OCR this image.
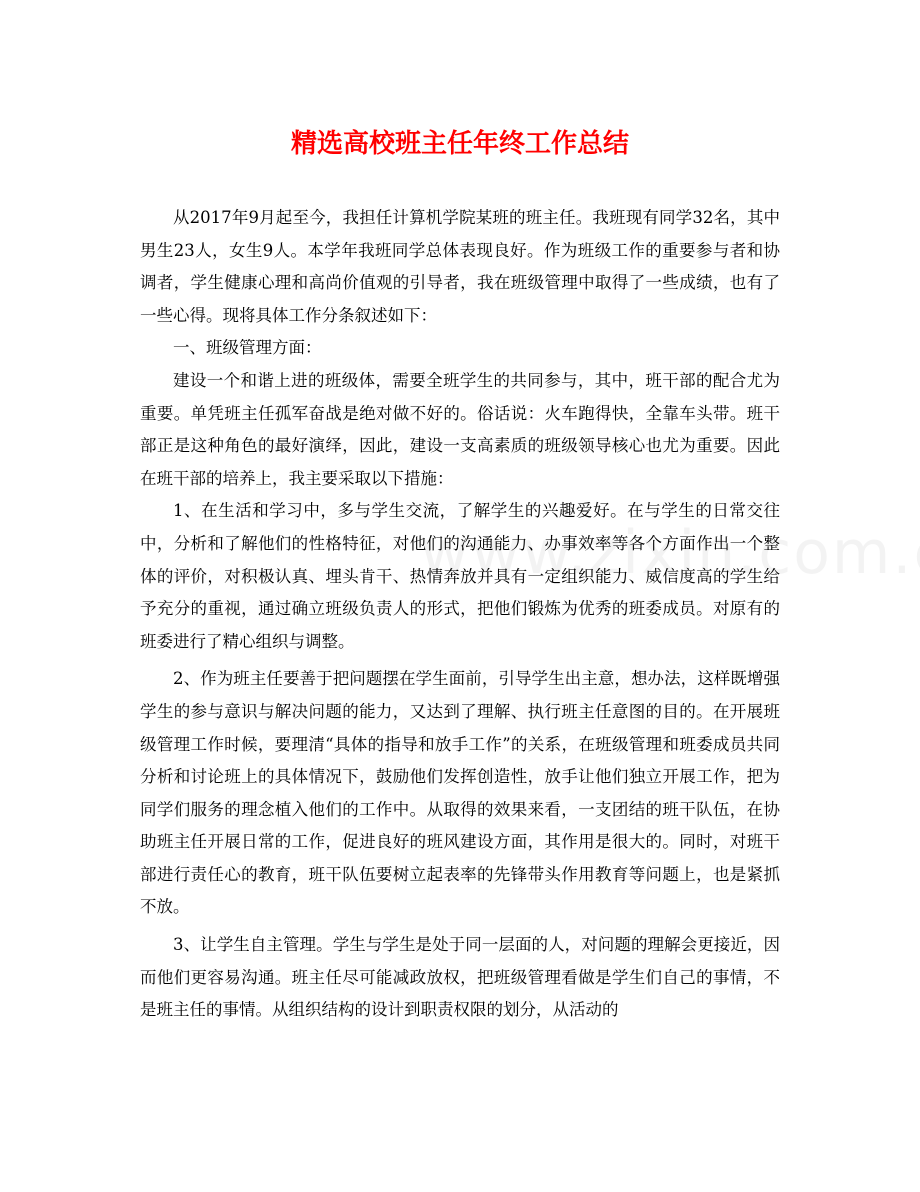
精选高校班主任年终工作总结

从2017年9月起至今，我担任计算机学院某班的班主任。我班现有同学32名，其中男生23人，女生9人。本学年我班同学总体表现良好。作为班级工作的重要参与者和协调者，学生健康心理和高尚价值观的引导者，我在班级管理中取得了一些成绩，也有了一些心得。现将具体工作分条叙述如下：

一、班级管理方面：

建设一个和谐上进的班级体，需要全班学生的共同参与，其中，班干部的配合尤为重要。单凭班主任孤军奋战是绝对做不好的。俗话说：火车跑得快，全靠车头带。班干部正是这种角色的最好演绎，因此，建设一支高素质的班级领导核心也尤为重要。因此在班干部的培养上，我主要采取以下措施：

1、在生活和学习中，多与学生交流，了解学生的兴趣爱好。在与学生的日常交往中，分析和了解他们的性格特征，对他们的沟通能力、办事效率等各个方面作出一个整体的评价，对积极认真、埋头肯干、热情奔放并具有一定组织能力、威信度高的学生给予充分的重视，通过确立班级负责人的形式，把他们锻炼为优秀的班委成员。对原有的班委进行了精心组织与调整。

2、作为班主任要善于把问题摆在学生面前，引导学生出主意，想办法，这样既增强学生的参与意识与解决问题的能力，又达到了理解、执行班主任意图的目的。在开展班级管理工作时候，要理清“具体的指导和放手工作”的关系，在班级管理和班委成员共同分析和讨论班上的具体情况下，鼓励他们发挥创造性，放手让他们独立开展工作，把为同学们服务的理念植入他们的工作中。从取得的效果来看，一支团结的班干队伍，在协助班主任开展日常的工作，促进良好的班风建设方面，其作用是很大的。同时，对班干部进行责任心的教育，班干队伍要树立起表率的先锋带头作用教育等问题上，也是紧抓不放。

3、让学生自主管理。学生与学生是处于同一层面的人，对问题的理解会更接近，因而他们更容易沟通。班主任尽可能减政放权，把班级管理看做是学生们自己的事情，不是班主任的事情。从组织结构的设计到职责权限的划分，从活动的
